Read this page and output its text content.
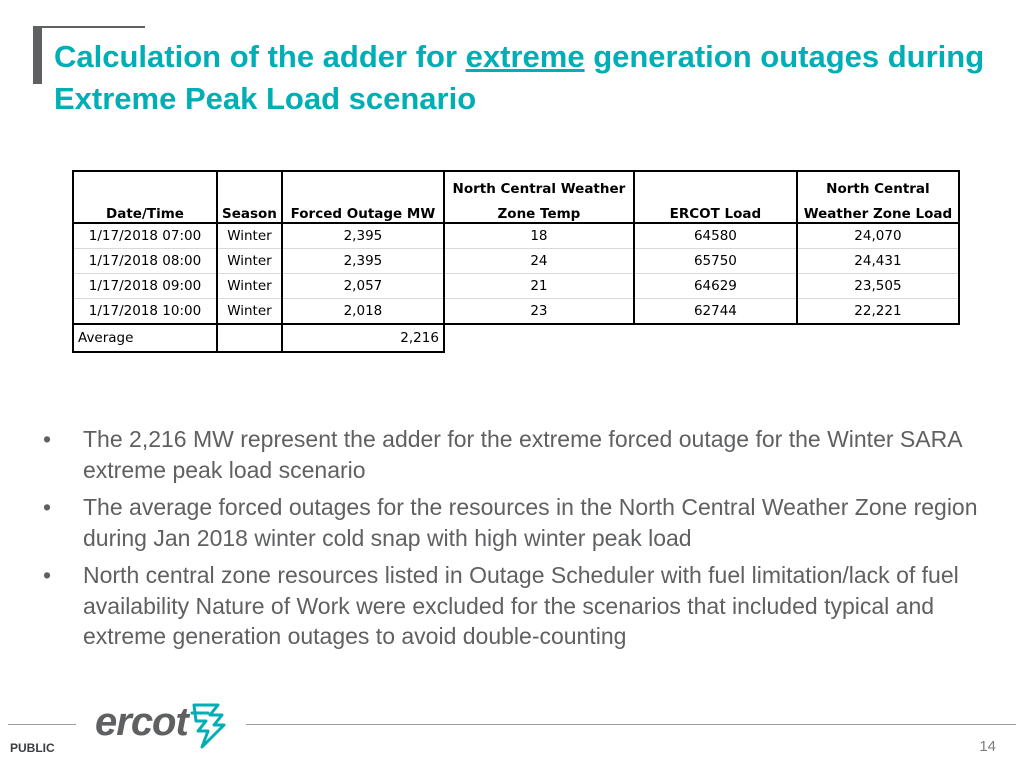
Calculation of the adder for extreme generation outages during Extreme Peak Load scenario
			North Central Weather		North Central
Date/Time	Season	Forced Outage MW	Zone Temp	ERCOT Load	Weather Zone Load
1/17/2018 07:00	Winter	2,395	18	64580	24,070
1/17/2018 08:00	Winter	2,395	24	65750	24,431
1/17/2018 09:00	Winter	2,057	21	64629	23,505
1/17/2018 10:00	Winter	2,018	23	62744	22,221
Average		2,216			
• The 2,216 MW represent the adder for the extreme forced outage for the Winter SARA extreme peak load scenario
• The average forced outages for the resources in the North Central Weather Zone region during Jan 2018 winter cold snap with high winter peak load
• North central zone resources listed in Outage Scheduler with fuel limitation/lack of fuel availability Nature of Work were excluded for the scenarios that included typical and extreme generation outages to avoid double-counting
ercot
PUBLIC	14
